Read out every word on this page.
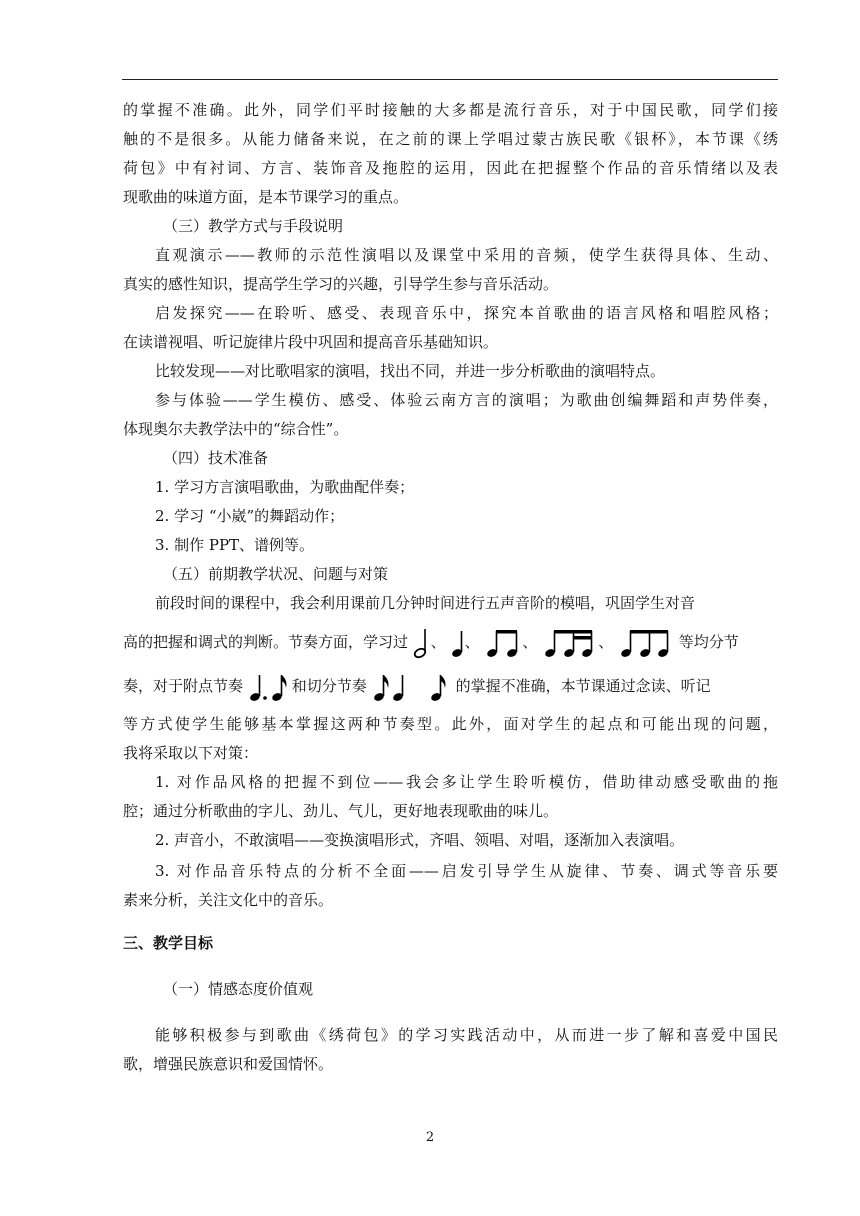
的掌握不准确。此外，同学们平时接触的大多都是流行音乐，对于中国民歌，同学们接
触的不是很多。从能力储备来说，在之前的课上学唱过蒙古族民歌《银杯》，本节课《绣
荷包》中有衬词、方言、装饰音及拖腔的运用，因此在把握整个作品的音乐情绪以及表
现歌曲的味道方面，是本节课学习的重点。
（三）教学方式与手段说明
直观演示——教师的示范性演唱以及课堂中采用的音频，使学生获得具体、生动、
真实的感性知识，提高学生学习的兴趣，引导学生参与音乐活动。
启发探究——在聆听、感受、表现音乐中，探究本首歌曲的语言风格和唱腔风格；
在读谱视唱、听记旋律片段中巩固和提高音乐基础知识。
比较发现——对比歌唱家的演唱，找出不同，并进一步分析歌曲的演唱特点。
参与体验——学生模仿、感受、体验云南方言的演唱；为歌曲创编舞蹈和声势伴奏，
体现奥尔夫教学法中的“综合性”。
（四）技术准备
1. 学习方言演唱歌曲，为歌曲配伴奏；
2. 学习 “小崴”的舞蹈动作；
3. 制作 PPT、谱例等。
（五）前期教学状况、问题与对策
前段时间的课程中，我会利用课前几分钟时间进行五声音阶的模唱，巩固学生对音
高的把握和调式的判断。节奏方面，学习过 、 、	、	、	等均分节
奏，对于附点节奏	和切分节奏	的掌握不准确，本节课通过念读、听记
等方式使学生能够基本掌握这两种节奏型。此外，面对学生的起点和可能出现的问题，
我将采取以下对策：
1. 对作品风格的把握不到位——我会多让学生聆听模仿，借助律动感受歌曲的拖
腔；通过分析歌曲的字儿、劲儿、气儿，更好地表现歌曲的味儿。
2. 声音小，不敢演唱——变换演唱形式，齐唱、领唱、对唱，逐渐加入表演唱。
3. 对作品音乐特点的分析不全面——启发引导学生从旋律、节奏、调式等音乐要
素来分析，关注文化中的音乐。
三、教学目标
（一）情感态度价值观
能够积极参与到歌曲《绣荷包》的学习实践活动中，从而进一步了解和喜爱中国民
歌，增强民族意识和爱国情怀。
2
